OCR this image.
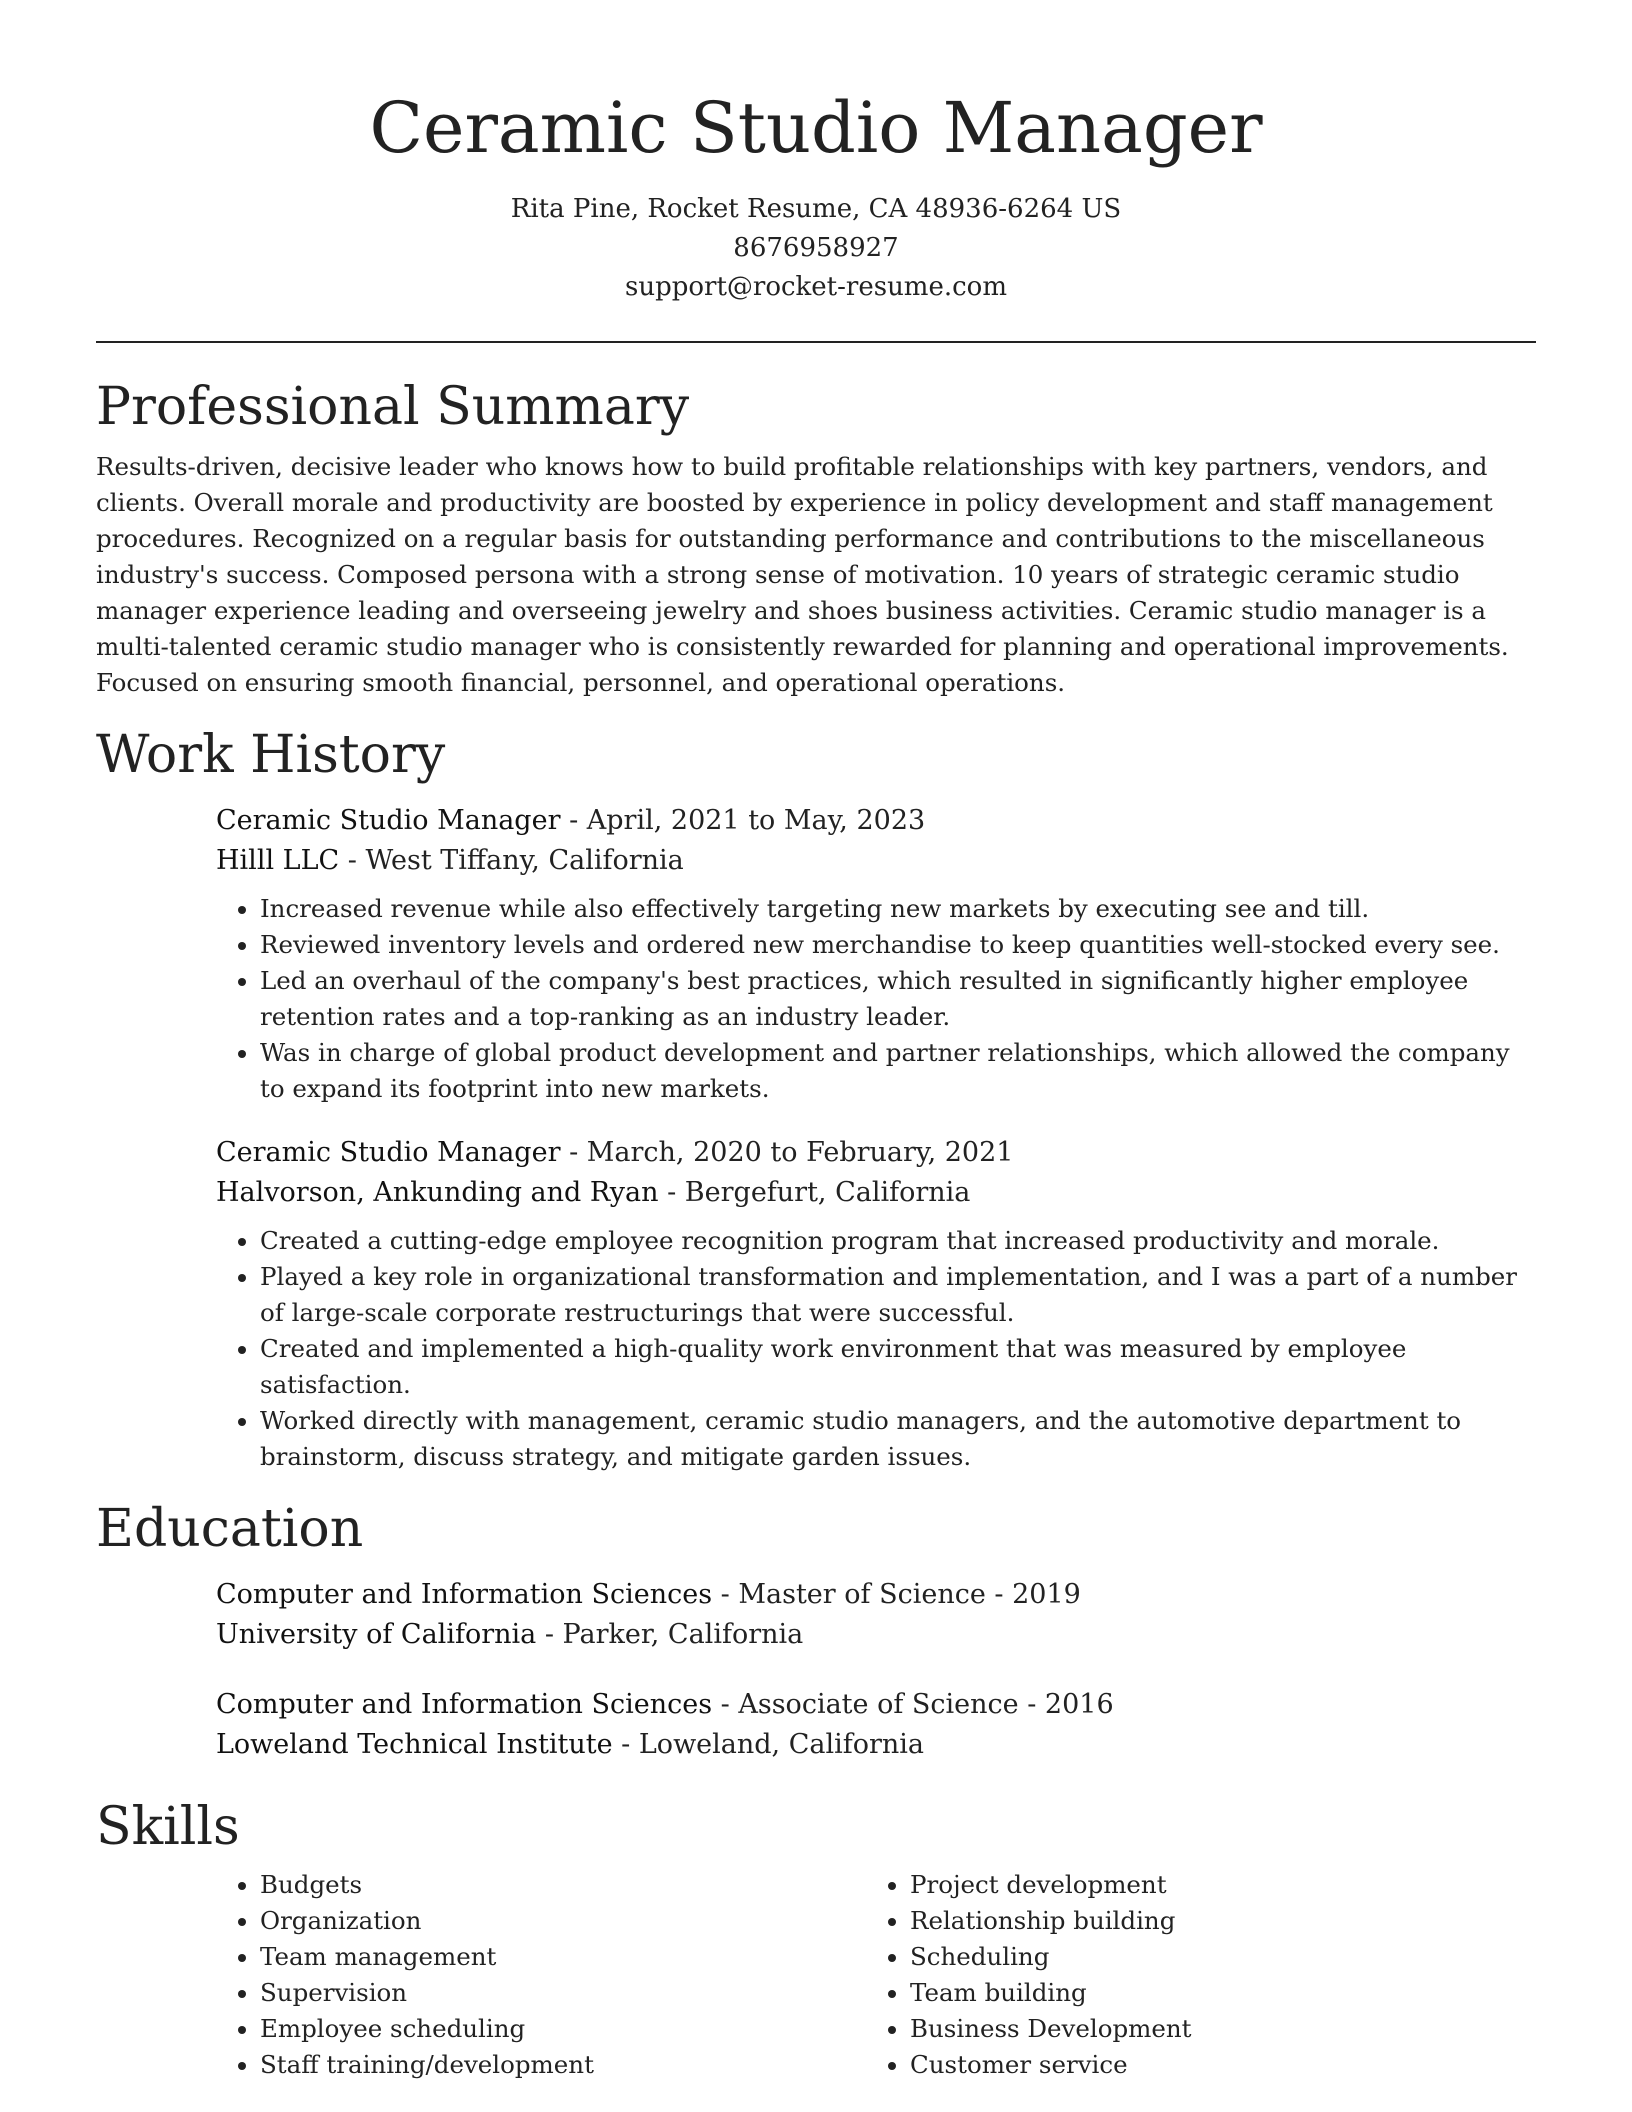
Ceramic Studio Manager

Rita Pine, Rocket Resume, CA 48936-6264 US

8676958927

support@rocket-resume.com

Professional Summary

Results-driven, decisive leader who knows how to build profitable relationships with key partners, vendors, and clients. Overall morale and productivity are boosted by experience in policy development and staff management procedures. Recognized on a regular basis for outstanding performance and contributions to the miscellaneous industry's success. Composed persona with a strong sense of motivation. 10 years of strategic ceramic studio manager experience leading and overseeing jewelry and shoes business activities. Ceramic studio manager is a multi-talented ceramic studio manager who is consistently rewarded for planning and operational improvements. Focused on ensuring smooth financial, personnel, and operational operations.

Work History

Ceramic Studio Manager - April, 2021 to May, 2023

Hilll LLC - West Tiffany, California

• Increased revenue while also effectively targeting new markets by executing see and till.
• Reviewed inventory levels and ordered new merchandise to keep quantities well-stocked every see.
• Led an overhaul of the company's best practices, which resulted in significantly higher employee retention rates and a top-ranking as an industry leader.
• Was in charge of global product development and partner relationships, which allowed the company to expand its footprint into new markets.

Ceramic Studio Manager - March, 2020 to February, 2021

Halvorson, Ankunding and Ryan - Bergefurt, California

• Created a cutting-edge employee recognition program that increased productivity and morale.
• Played a key role in organizational transformation and implementation, and I was a part of a number of large-scale corporate restructurings that were successful.
• Created and implemented a high-quality work environment that was measured by employee satisfaction.
• Worked directly with management, ceramic studio managers, and the automotive department to brainstorm, discuss strategy, and mitigate garden issues.
Education

Computer and Information Sciences - Master of Science - 2019

University of California - Parker, California

Computer and Information Sciences - Associate of Science - 2016

Loweland Technical Institute - Loweland, California

Skills
• Budgets
• Organization
• Team management
• Supervision
• Employee scheduling
• Staff training/development
• Project development
• Relationship building
• Scheduling
• Team building
• Business Development
• Customer service
